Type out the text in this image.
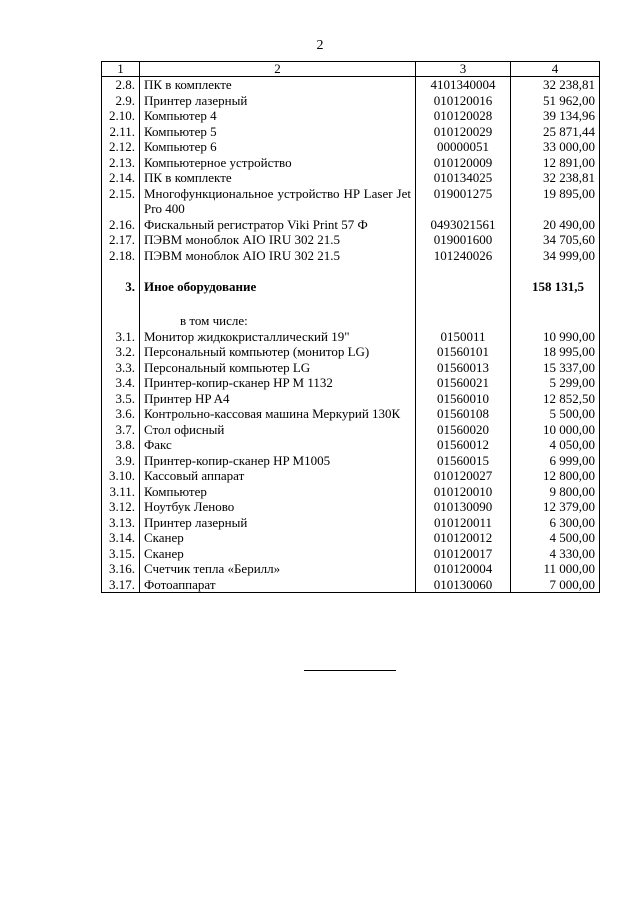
2
1	2	3	4
2.8.	ПК в комплекте	4101340004	32 238,81
2.9.	Принтер лазерный	010120016	51 962,00
2.10.	Компьютер 4	010120028	39 134,96
2.11.	Компьютер 5	010120029	25 871,44
2.12.	Компьютер 6	00000051	33 000,00
2.13.	Компьютерное устройство	010120009	12 891,00
2.14.	ПК в комплекте	010134025	32 238,81
2.15.	Многофункциональное устройство HP Laser Jet Pro 400	019001275	19 895,00
2.16.	Фискальный регистратор Viki Print 57 Ф	0493021561	20 490,00
2.17.	ПЭВМ моноблок AIO IRU 302 21.5	019001600	34 705,60
2.18.	ПЭВМ моноблок AIO IRU 302 21.5	101240026	34 999,00

3.	Иное оборудование		158 131,5

	в том числе:		
3.1.	Монитор жидкокристаллический 19"	0150011	10 990,00
3.2.	Персональный компьютер (монитор LG)	01560101	18 995,00
3.3.	Персональный компьютер LG	01560013	15 337,00
3.4.	Принтер-копир-сканер HP M 1132	01560021	5 299,00
3.5.	Принтер HP A4	01560010	12 852,50
3.6.	Контрольно-кассовая машина Меркурий 130К	01560108	5 500,00
3.7.	Стол офисный	01560020	10 000,00
3.8.	Факс	01560012	4 050,00
3.9.	Принтер-копир-сканер HP M1005	01560015	6 999,00
3.10.	Кассовый аппарат	010120027	12 800,00
3.11.	Компьютер	010120010	9 800,00
3.12.	Ноутбук Леново	010130090	12 379,00
3.13.	Принтер лазерный	010120011	6 300,00
3.14.	Сканер	010120012	4 500,00
3.15.	Сканер	010120017	4 330,00
3.16.	Счетчик тепла «Берилл»	010120004	11 000,00
3.17.	Фотоаппарат	010130060	7 000,00
